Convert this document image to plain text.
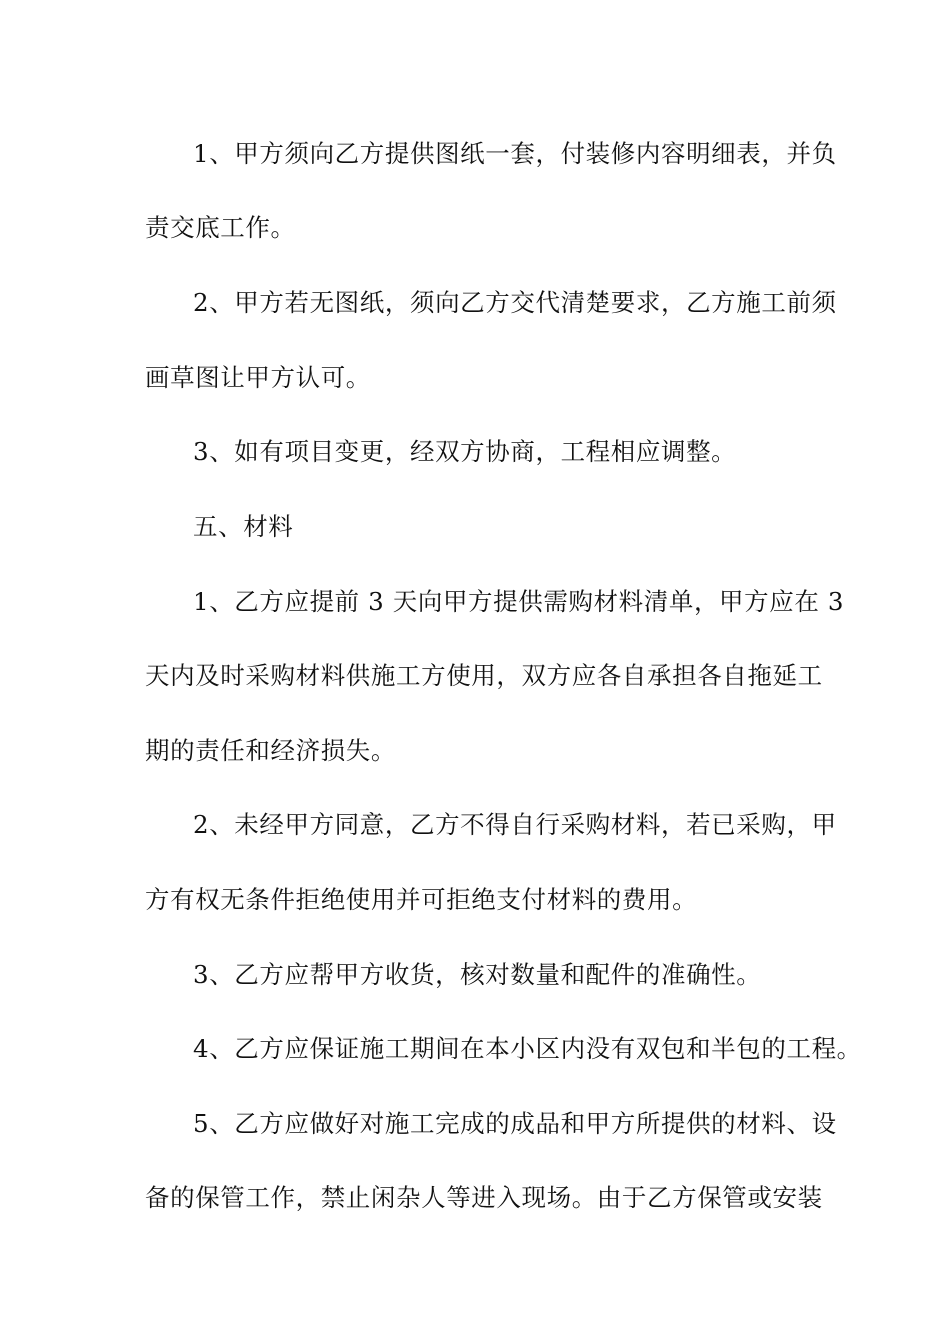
1、甲方须向乙方提供图纸一套，付装修内容明细表，并负
责交底工作。
2、甲方若无图纸，须向乙方交代清楚要求，乙方施工前须
画草图让甲方认可。
3、如有项目变更，经双方协商，工程相应调整。
五、材料
1、乙方应提前 3 天向甲方提供需购材料清单，甲方应在 3
天内及时采购材料供施工方使用，双方应各自承担各自拖延工
期的责任和经济损失。
2、未经甲方同意，乙方不得自行采购材料，若已采购，甲
方有权无条件拒绝使用并可拒绝支付材料的费用。
3、乙方应帮甲方收货，核对数量和配件的准确性。
4、乙方应保证施工期间在本小区内没有双包和半包的工程。
5、乙方应做好对施工完成的成品和甲方所提供的材料、设
备的保管工作，禁止闲杂人等进入现场。由于乙方保管或安装
